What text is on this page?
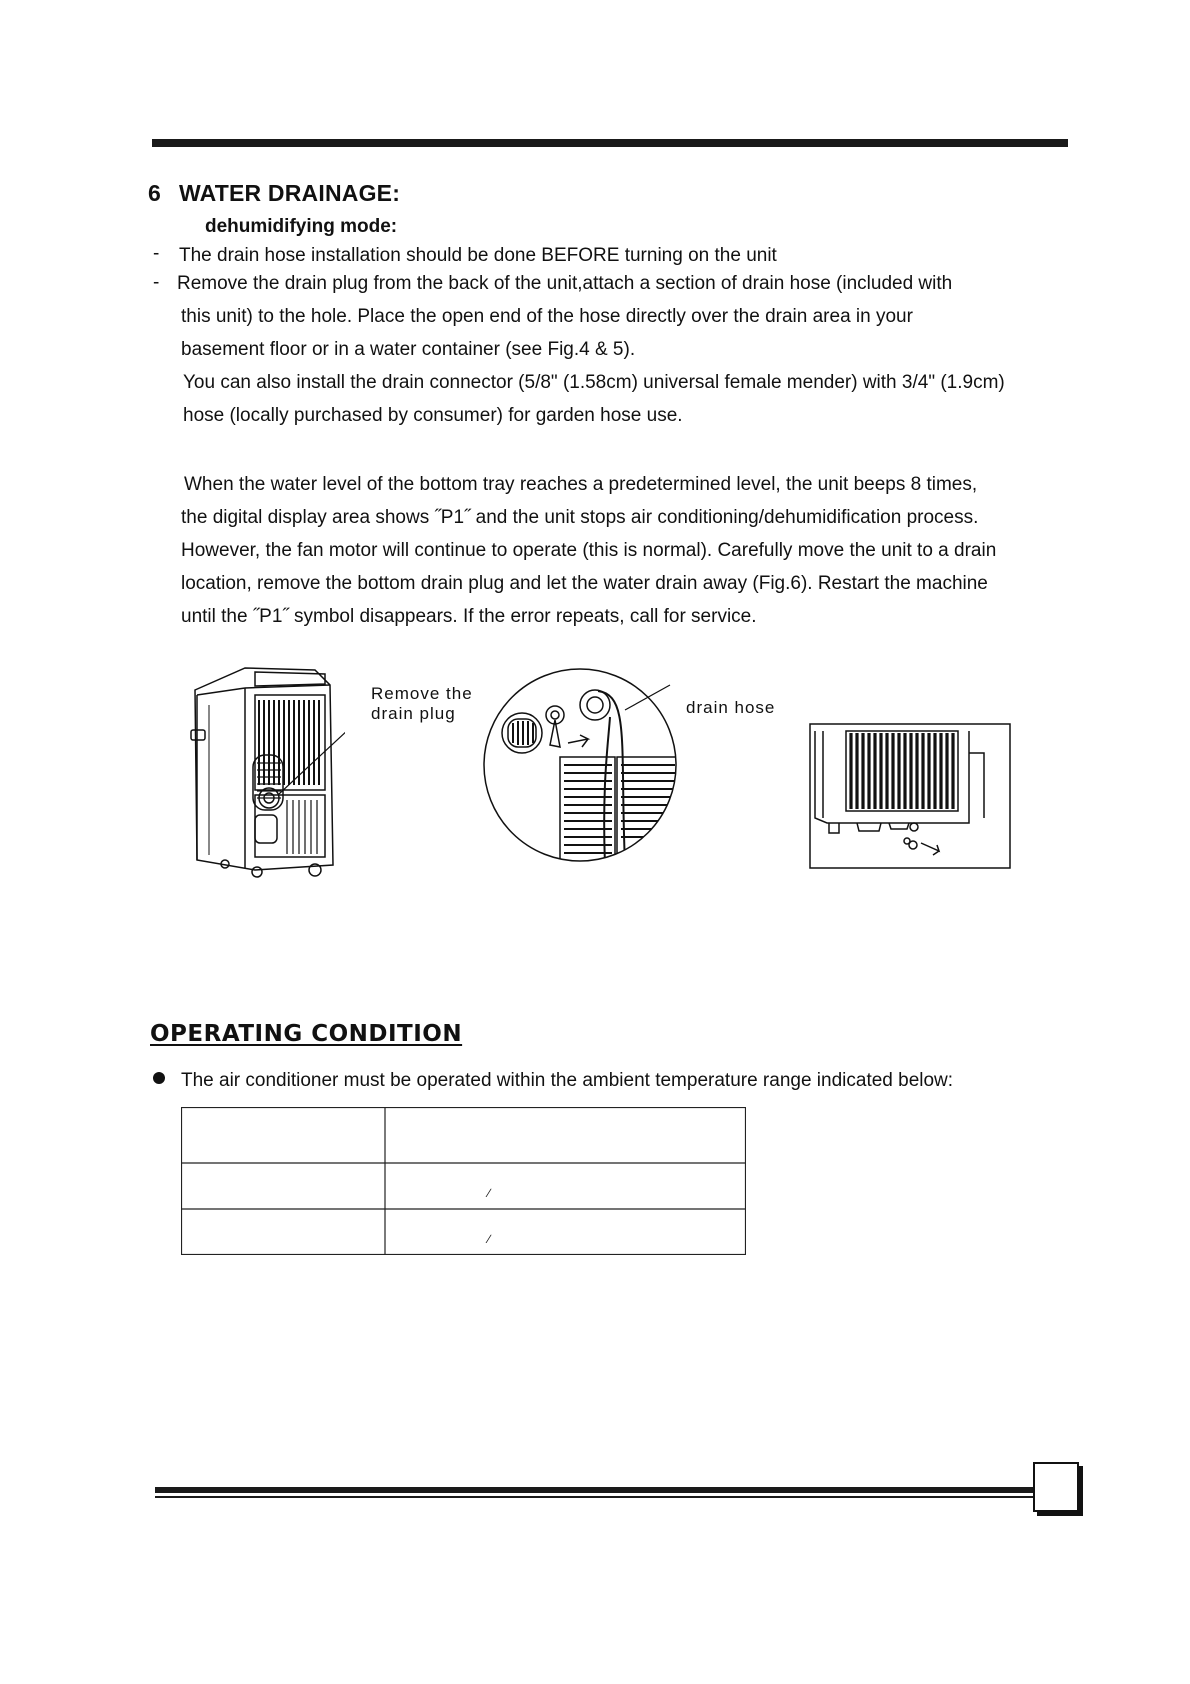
6 WATER DRAINAGE:
dehumidifying mode:
- The drain hose installation should be done BEFORE turning on the unit
- Remove the drain plug from the back of the unit,attach a section of drain hose (included with
this unit) to the hole. Place the open end of the hose directly over the drain area in your
basement floor or in a water container (see Fig.4 & 5).
You can also install the drain connector (5/8" (1.58cm) universal female mender) with 3/4" (1.9cm)
hose (locally purchased by consumer) for garden hose use.
When the water level of the bottom tray reaches a predetermined level, the unit beeps 8 times,
the digital display area shows ˝P1˝ and the unit stops air conditioning/dehumidification process.
However, the fan motor will continue to operate (this is normal). Carefully move the unit to a drain
location, remove the bottom drain plug and let the water drain away (Fig.6). Restart the machine
until the ˝P1˝ symbol disappears. If the error repeats, call for service.
Remove the
drain plug	drain hose
OPERATING CONDITION
The air conditioner must be operated within the ambient temperature range indicated below:
∕
∕
